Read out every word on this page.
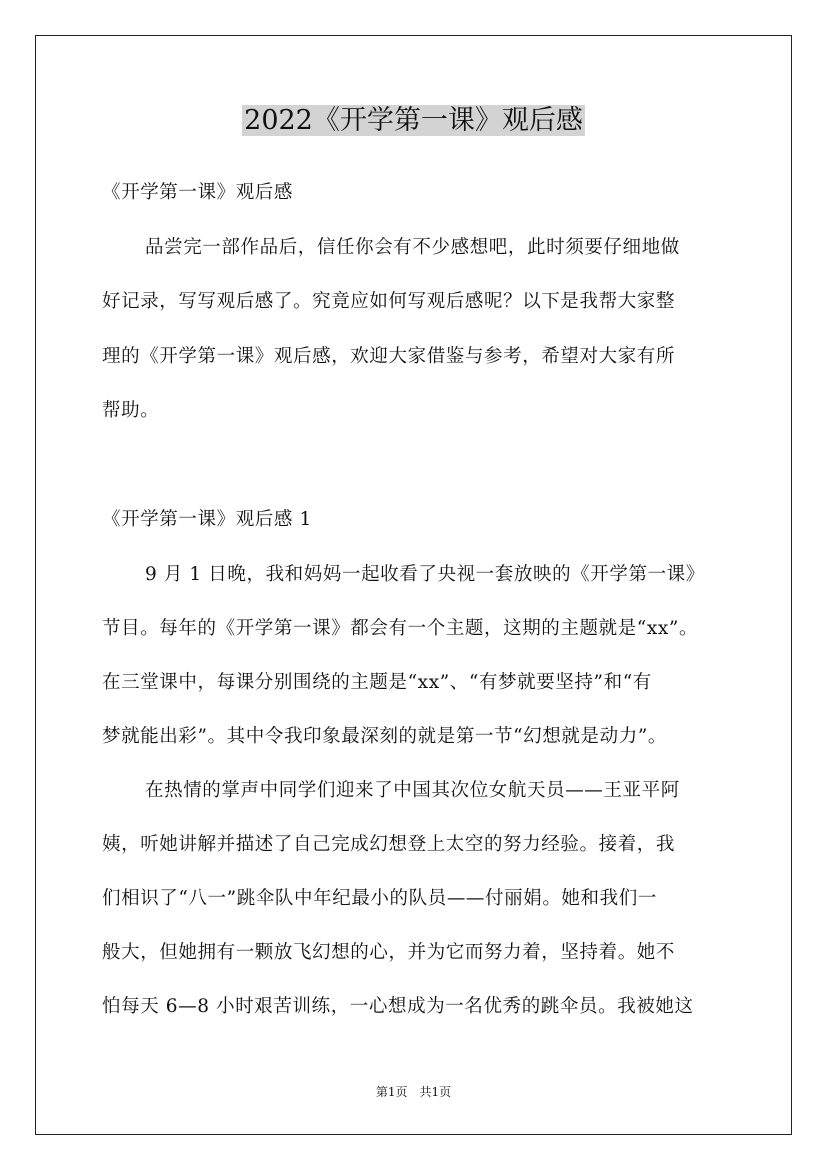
2022《开学第一课》观后感
《开学第一课》观后感
品尝完一部作品后，信任你会有不少感想吧，此时须要仔细地做
好记录，写写观后感了。究竟应如何写观后感呢？以下是我帮大家整
理的《开学第一课》观后感，欢迎大家借鉴与参考，希望对大家有所
帮助。
《开学第一课》观后感 1
9 月 1 日晚，我和妈妈一起收看了央视一套放映的《开学第一课》
节目。每年的《开学第一课》都会有一个主题，这期的主题就是“xx”。
在三堂课中，每课分别围绕的主题是“xx”、“有梦就要坚持”和“有
梦就能出彩”。其中令我印象最深刻的就是第一节“幻想就是动力”。
在热情的掌声中同学们迎来了中国其次位女航天员——王亚平阿
姨，听她讲解并描述了自己完成幻想登上太空的努力经验。接着，我
们相识了“八一”跳伞队中年纪最小的队员——付丽娟。她和我们一
般大，但她拥有一颗放飞幻想的心，并为它而努力着，坚持着。她不
怕每天 6—8 小时艰苦训练，一心想成为一名优秀的跳伞员。我被她这
第1页　共1页
